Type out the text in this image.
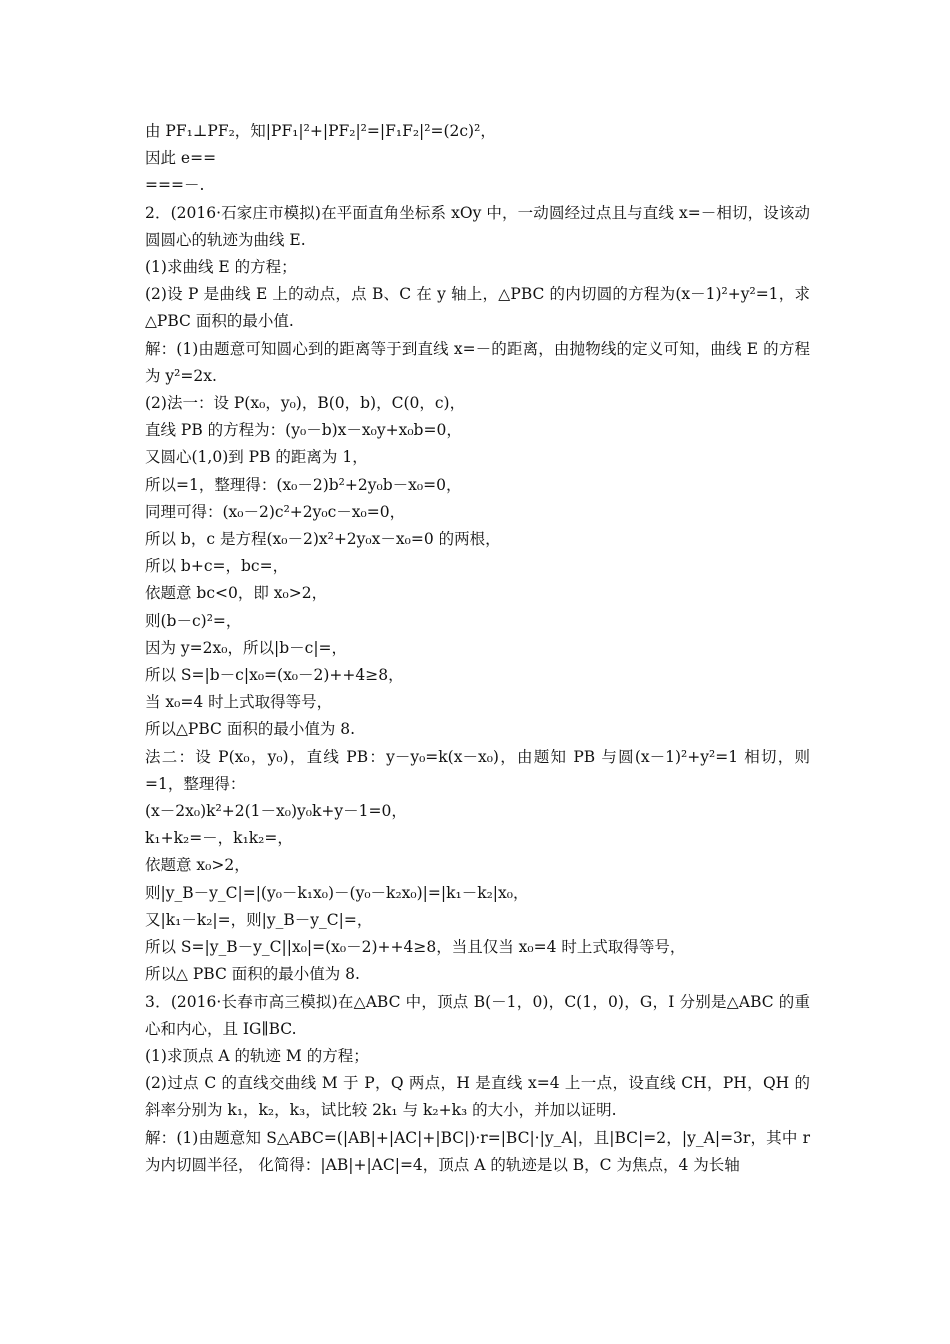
由 PF₁⊥PF₂，知|PF₁|²+|PF₂|²=|F₁F₂|²=(2c)²，
因此 e==
===－.
2．(2016·石家庄市模拟)在平面直角坐标系 xOy 中，一动圆经过点且与直线 x=－相切，设该动圆圆心的轨迹为曲线 E.
(1)求曲线 E 的方程；
(2)设 P 是曲线 E 上的动点，点 B、C 在 y 轴上，△PBC 的内切圆的方程为(x－1)²+y²=1，求△PBC 面积的最小值.
解：(1)由题意可知圆心到的距离等于到直线 x=－的距离，由抛物线的定义可知，曲线 E 的方程为 y²=2x.
(2)法一：设 P(x₀，y₀)，B(0，b)，C(0，c)，
直线 PB 的方程为：(y₀－b)x－x₀y+x₀b=0，
又圆心(1,0)到 PB 的距离为 1，
所以=1，整理得：(x₀－2)b²+2y₀b－x₀=0，
同理可得：(x₀－2)c²+2y₀c－x₀=0，
所以 b，c 是方程(x₀－2)x²+2y₀x－x₀=0 的两根，
所以 b+c=，bc=，
依题意 bc<0，即 x₀>2，
则(b－c)²=，
因为 y=2x₀，所以|b－c|=，
所以 S=|b－c|x₀=(x₀－2)++4≥8，
当 x₀=4 时上式取得等号，
所以△PBC 面积的最小值为 8.
法二：设 P(x₀，y₀)，直线 PB：y－y₀=k(x－x₀)，由题知 PB 与圆(x－1)²+y²=1 相切，则=1，整理得：
(x－2x₀)k²+2(1－x₀)y₀k+y－1=0，
k₁+k₂=－，k₁k₂=，
依题意 x₀>2，
则|y_B－y_C|=|(y₀－k₁x₀)－(y₀－k₂x₀)|=|k₁－k₂|x₀，
又|k₁－k₂|=，则|y_B－y_C|=，
所以 S=|y_B－y_C||x₀|=(x₀－2)++4≥8，当且仅当 x₀=4 时上式取得等号，
所以△ PBC 面积的最小值为 8.
3．(2016·长春市高三模拟)在△ABC 中，顶点 B(－1，0)，C(1，0)，G，I 分别是△ABC 的重心和内心，且 IG∥BC.
(1)求顶点 A 的轨迹 M 的方程；
(2)过点 C 的直线交曲线 M 于 P，Q 两点，H 是直线 x=4 上一点，设直线 CH，PH，QH 的斜率分别为 k₁，k₂，k₃，试比较 2k₁ 与 k₂+k₃ 的大小，并加以证明.
解：(1)由题意知 S△ABC=(|AB|+|AC|+|BC|)·r=|BC|·|y_A|，且|BC|=2，|y_A|=3r，其中 r 为内切圆半径， 化简得：|AB|+|AC|=4，顶点 A 的轨迹是以 B，C 为焦点，4 为长轴
